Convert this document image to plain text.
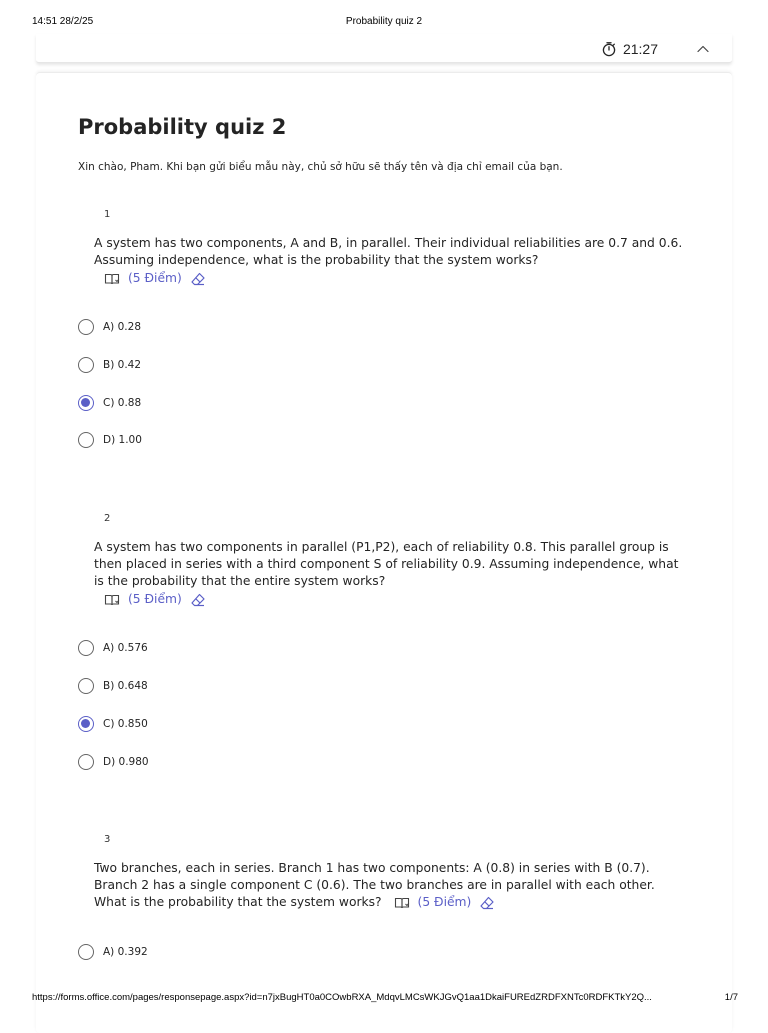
14:51 28/2/25	Probability quiz 2
21:27
Probability quiz 2
Xin chào, Pham. Khi bạn gửi biểu mẫu này, chủ sở hữu sẽ thấy tên và địa chỉ email của bạn.
1
A system has two components, A and B, in parallel. Their individual reliabilities are 0.7 and 0.6. Assuming independence, what is the probability that the system works?
(5 Điểm)
A) 0.28
B) 0.42
C) 0.88
D) 1.00
2
A system has two components in parallel (P1,P2), each of reliability 0.8. This parallel group is then placed in series with a third component S of reliability 0.9. Assuming independence, what is the probability that the entire system works?
(5 Điểm)
A) 0.576
B) 0.648
C) 0.850
D) 0.980
3
Two branches, each in series. Branch 1 has two components: A (0.8) in series with B (0.7). Branch 2 has a single component C (0.6). The two branches are in parallel with each other. What is the probability that the system works?	(5 Điểm)
A) 0.392
https://forms.office.com/pages/responsepage.aspx?id=n7jxBugHT0a0COwbRXA_MdqvLMCsWKJGvQ1aa1DkaiFUREdZRDFXNTc0RDFKTkY2Q...	1/7
